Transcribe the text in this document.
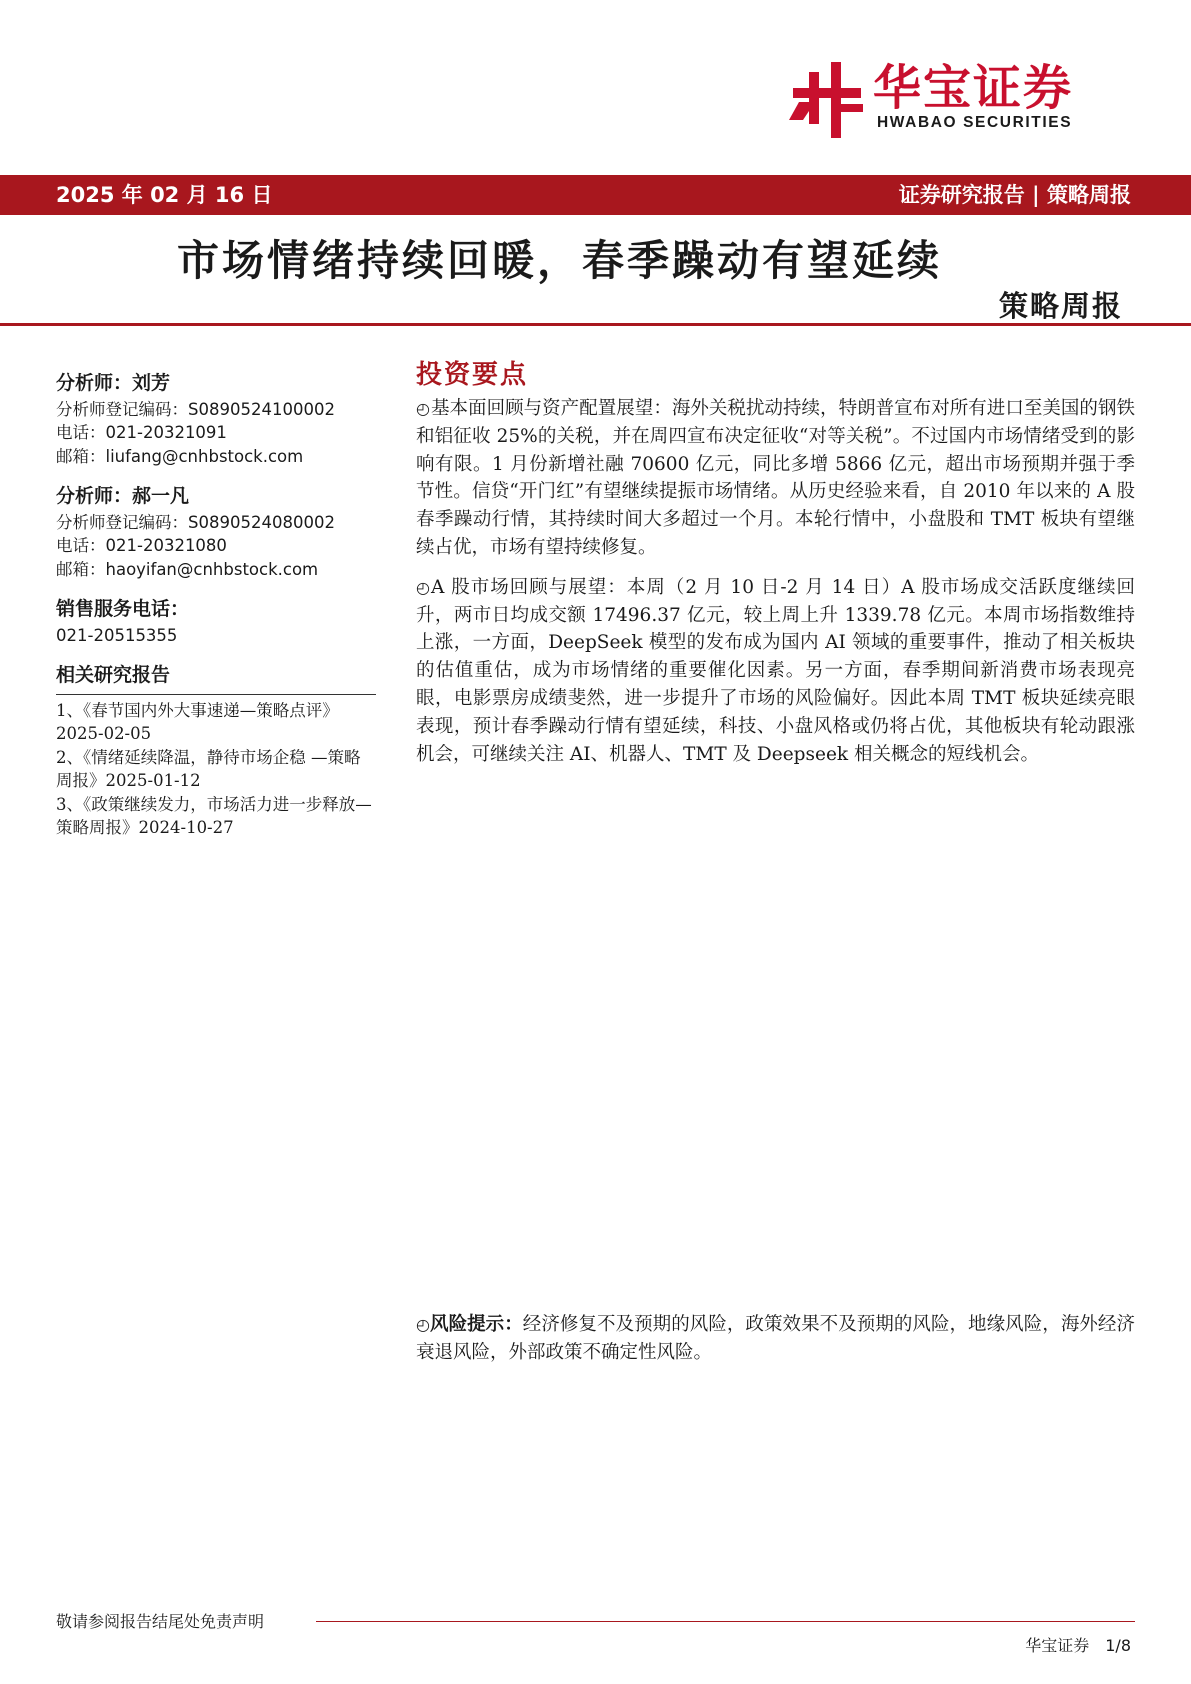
华宝证券
HWABAO SECURITIES
2025 年 02 月 16 日	证券研究报告 | 策略周报
市场情绪持续回暖，春季躁动有望延续
策略周报
分析师：刘芳
分析师登记编码：S0890524100002
电话：021-20321091
邮箱：liufang@cnhbstock.com
分析师：郝一凡
分析师登记编码：S0890524080002
电话：021-20321080
邮箱：haoyifan@cnhbstock.com
销售服务电话：
021-20515355
相关研究报告
1、《春节国内外大事速递—策略点评》2025-02-05
2、《情绪延续降温，静待市场企稳 —策略周报》2025-01-12
3、《政策继续发力，市场活力进一步释放—策略周报》2024-10-27
投资要点

◴基本面回顾与资产配置展望：海外关税扰动持续，特朗普宣布对所有进口至美国的钢铁和铝征收 25%的关税，并在周四宣布决定征收“对等关税”。不过国内市场情绪受到的影响有限。1 月份新增社融 70600 亿元，同比多增 5866 亿元，超出市场预期并强于季节性。信贷“开门红”有望继续提振市场情绪。从历史经验来看，自 2010 年以来的 A 股春季躁动行情，其持续时间大多超过一个月。本轮行情中，小盘股和 TMT 板块有望继续占优，市场有望持续修复。

◴A 股市场回顾与展望：本周（2 月 10 日-2 月 14 日）A 股市场成交活跃度继续回升，两市日均成交额 17496.37 亿元，较上周上升 1339.78 亿元。本周市场指数维持上涨，一方面，DeepSeek 模型的发布成为国内 AI 领域的重要事件，推动了相关板块的估值重估，成为市场情绪的重要催化因素。另一方面，春季期间新消费市场表现亮眼，电影票房成绩斐然，进一步提升了市场的风险偏好。因此本周 TMT 板块延续亮眼表现，预计春季躁动行情有望延续，科技、小盘风格或仍将占优，其他板块有轮动跟涨机会，可继续关注 AI、机器人、TMT 及 Deepseek 相关概念的短线机会。

◴风险提示：经济修复不及预期的风险，政策效果不及预期的风险，地缘风险，海外经济衰退风险，外部政策不确定性风险。
敬请参阅报告结尾处免责声明
华宝证券 1/8
